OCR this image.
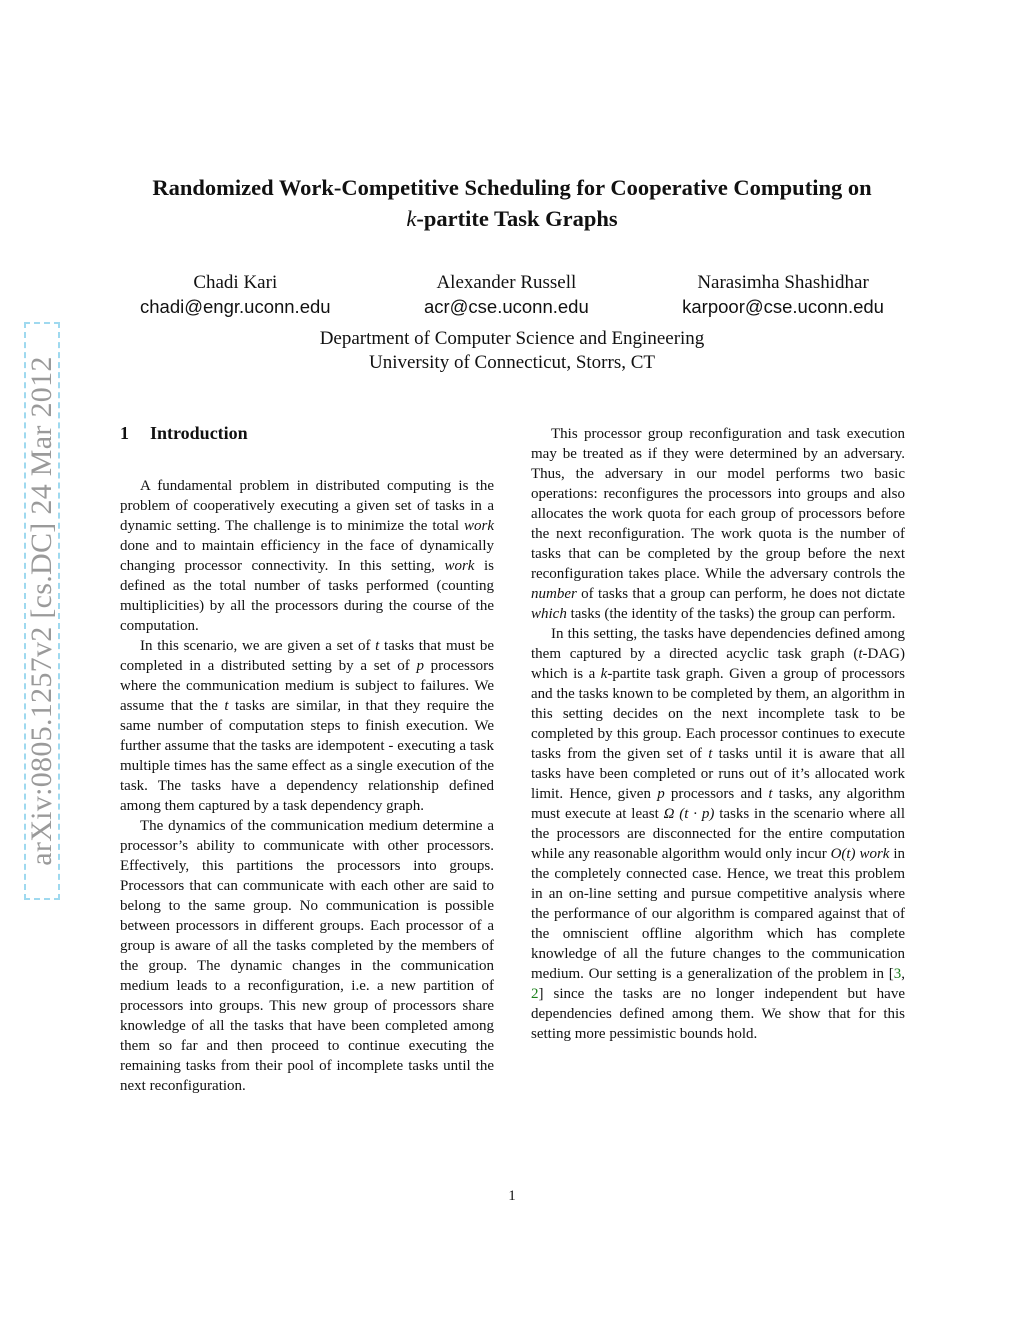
arXiv:0805.1257v2 [cs.DC] 24 Mar 2012
Randomized Work-Competitive Scheduling for Cooperative Computing on
k-partite Task Graphs
Chadi Kari
chadi@engr.uconn.edu
Alexander Russell
acr@cse.uconn.edu
Narasimha Shashidhar
karpoor@cse.uconn.edu
Department of Computer Science and Engineering
University of Connecticut, Storrs, CT
1 Introduction

A fundamental problem in distributed computing is the problem of cooperatively executing a given set of tasks in a dynamic setting. The challenge is to minimize the total work done and to maintain efficiency in the face of dynamically changing processor connectivity. In this setting, work is defined as the total number of tasks performed (counting multiplicities) by all the processors during the course of the computation.

In this scenario, we are given a set of t tasks that must be completed in a distributed setting by a set of p processors where the communication medium is subject to failures. We assume that the t tasks are similar, in that they require the same number of computation steps to finish execution. We further assume that the tasks are idempotent - executing a task multiple times has the same effect as a single execution of the task. The tasks have a dependency relationship defined among them captured by a task dependency graph.

The dynamics of the communication medium determine a processor’s ability to communicate with other processors. Effectively, this partitions the processors into groups. Processors that can communicate with each other are said to belong to the same group. No communication is possible between processors in different groups. Each processor of a group is aware of all the tasks completed by the members of the group. The dynamic changes in the communication medium leads to a reconfiguration, i.e. a new partition of processors into groups. This new group of processors share knowledge of all the tasks that have been completed among them so far and then proceed to continue executing the remaining tasks from their pool of incomplete tasks until the next reconfiguration.

This processor group reconfiguration and task execution may be treated as if they were determined by an adversary. Thus, the adversary in our model performs two basic operations: reconfigures the processors into groups and also allocates the work quota for each group of processors before the next reconfiguration. The work quota is the number of tasks that can be completed by the group before the next reconfiguration takes place. While the adversary controls the number of tasks that a group can perform, he does not dictate which tasks (the identity of the tasks) the group can perform.

In this setting, the tasks have dependencies defined among them captured by a directed acyclic task graph (t-DAG) which is a k-partite task graph. Given a group of processors and the tasks known to be completed by them, an algorithm in this setting decides on the next incomplete task to be completed by this group. Each processor continues to execute tasks from the given set of t tasks until it is aware that all tasks have been completed or runs out of it’s allocated work limit. Hence, given p processors and t tasks, any algorithm must execute at least Ω (t · p) tasks in the scenario where all the processors are disconnected for the entire computation while any reasonable algorithm would only incur O(t) work in the completely connected case. Hence, we treat this problem in an on-line setting and pursue competitive analysis where the performance of our algorithm is compared against that of the omniscient offline algorithm which has complete knowledge of all the future changes to the communication medium. Our setting is a generalization of the problem in [3, 2] since the tasks are no longer independent but have dependencies defined among them. We show that for this setting more pessimistic bounds hold.

1
